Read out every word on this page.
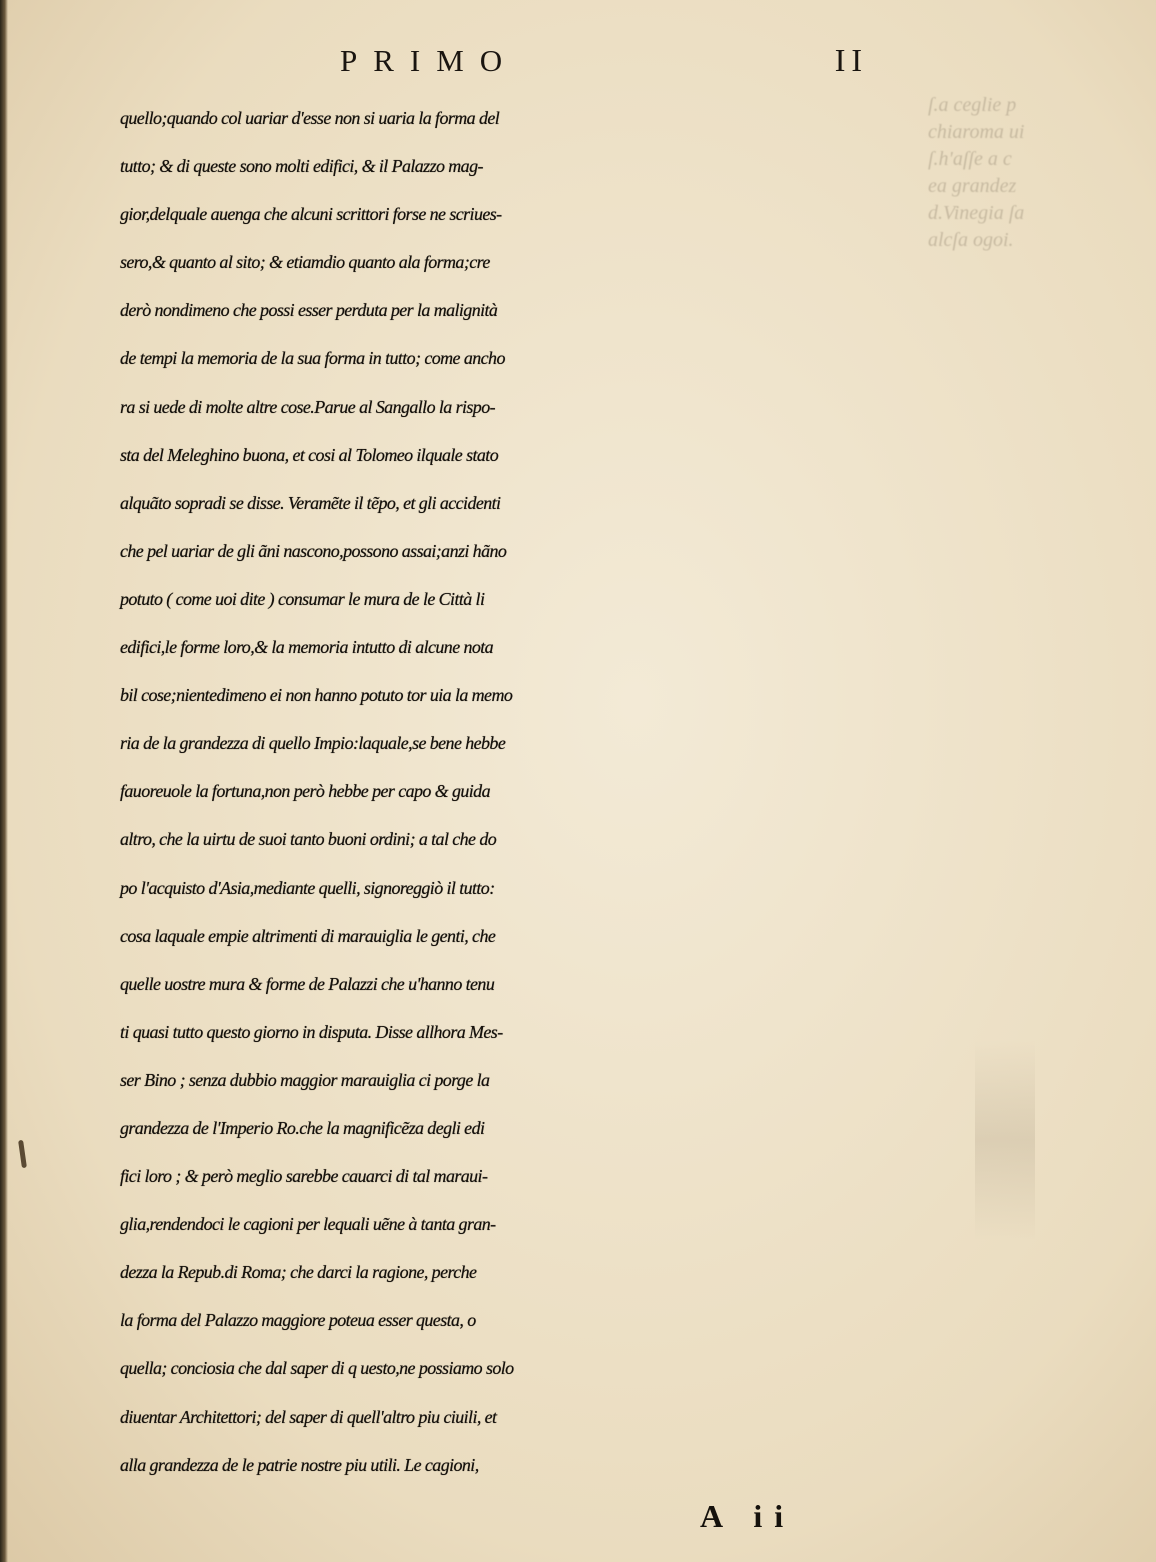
ſ.a ceglie p
chiaroma ui
ſ.h'aſſe a c
ea grandez
d.Vinegia ſa
alcſa ogoi.
PRIMO	II
quello;quando col uariar d'esse non si uaria la forma del
tutto; & di queste sono molti edifici, & il Palazzo mag-
gior,delquale auenga che alcuni scrittori forse ne scriues-
sero,& quanto al sito; & etiamdio quanto ala forma;cre
derò nondimeno che possi esser perduta per la malignità
de tempi la memoria de la sua forma in tutto; come ancho
ra si uede di molte altre cose.Parue al Sangallo la rispo-
sta del Meleghino buona, et cosi al Tolomeo ilquale stato
alquãto sopradi se disse. Veramẽte il tẽpo, et gli accidenti
che pel uariar de gli ãni nascono,possono assai;anzi hãno
potuto ( come uoi dite ) consumar le mura de le Città li
edifici,le forme loro,& la memoria intutto di alcune nota
bil cose;nientedimeno ei non hanno potuto tor uia la memo
ria de la grandezza di quello Impio:laquale,se bene hebbe
fauoreuole la fortuna,non però hebbe per capo & guida
altro, che la uirtu de suoi tanto buoni ordini; a tal che do
po l'acquisto d'Asia,mediante quelli, signoreggiò il tutto:
cosa laquale empie altrimenti di marauiglia le genti, che
quelle uostre mura & forme de Palazzi che u'hanno tenu
ti quasi tutto questo giorno in disputa. Disse allhora Mes-
ser Bino ; senza dubbio maggior marauiglia ci porge la
grandezza de l'Imperio Ro.che la magnificẽza degli edi
fici loro ; & però meglio sarebbe cauarci di tal maraui-
glia,rendendoci le cagioni per lequali uẽne à tanta gran-
dezza la Repub.di Roma; che darci la ragione, perche
la forma del Palazzo maggiore poteua esser questa, o
quella; conciosia che dal saper di q uesto,ne possiamo solo
diuentar Architettori; del saper di quell'altro piu ciuili, et
alla grandezza de le patrie nostre piu utili. Le cagioni,
A ii
